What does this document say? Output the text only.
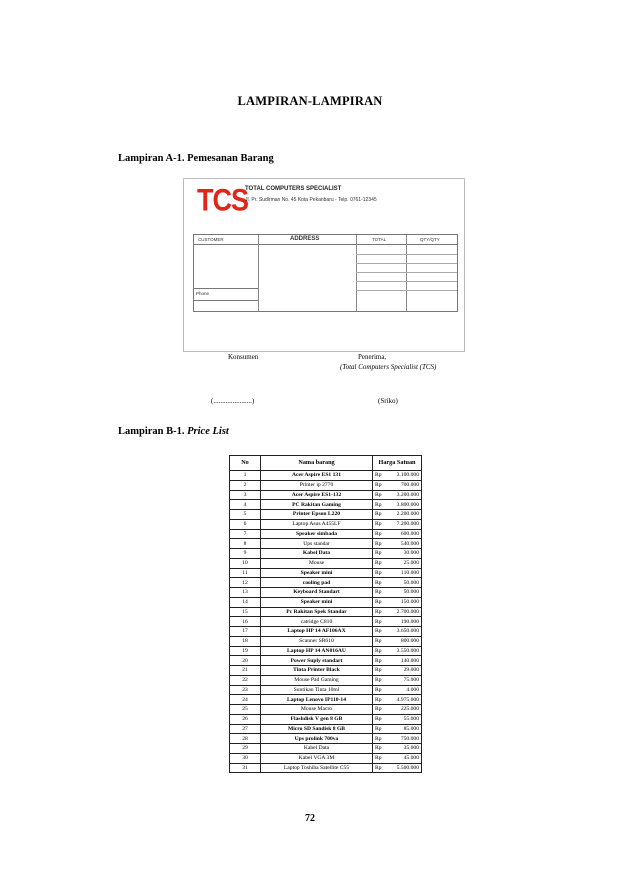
LAMPIRAN-LAMPIRAN
Lampiran A-1. Pemesanan Barang
TCS
TOTAL COMPUTERS SPECIALIST
Jl. Pr. Sudirman No. 45 Kota Pekanbaru - Telp. 0761-12345
CUSTOMER	ADDRESS	TOTAL	QTY/QTY
Phone
Konsumen	Penerima,
(Total Computers Specialist (TCS)
(......................)	(Sriko)
Lampiran B-1. Price List
No	Nama barang	Harga Satuan
1	Acer Aspire ES1 131	Rp 3.100.000

2	Printer ip 2770	Rp 700.000

3	Acer Aspire ES1-132	Rp 3.200.000

4	PC Rakitan Gaming	Rp 3.800.000

5	Printer Epson L220	Rp 2.200.000

6	Laptop Asus A455LF	Rp 7.200.000

7	Speaker simbada	Rp 600.000

8	Ups standar	Rp 540.000

9	Kabel Data	Rp 30.000

10	Mouse	Rp 25.000

11	Speaker mini	Rp 110.000

12	cooling pad	Rp 50.000

13	Keyboard Standart	Rp 50.000

14	Speaker mini	Rp 150.000

15	Pc Rakitan Spek Standar	Rp 2.700.000

16	catridge C810	Rp 190.000

17	Laptop HP 14 AF106AX	Rp 3.650.000

18	Scanner SR610	Rp 800.000

19	Laptop HP 14 AN016AU	Rp 3.550.000

20	Power Suply standart	Rp 140.000

21	Tinta Printer Black	Rp 29.000

22	Mouse Pad Gaming	Rp 75.000

23	Suntikan Tinta 10ml	Rp 4.000

24	Laptop Lenovo IP110-14	Rp 4.975.000

25	Mouse Macro	Rp 225.000

26	Flashdisk V gen 8 GB	Rp 55.000

27	Micro SD Sandisk 8 GB	Rp 85.000

28	Ups prolink 700va	Rp 750.000

29	Kabel Data	Rp 35.000

30	Kabel VGA 3M	Rp 45.000

31	Laptop Toshiba Satellite C55	Rp 5.500.000
72
